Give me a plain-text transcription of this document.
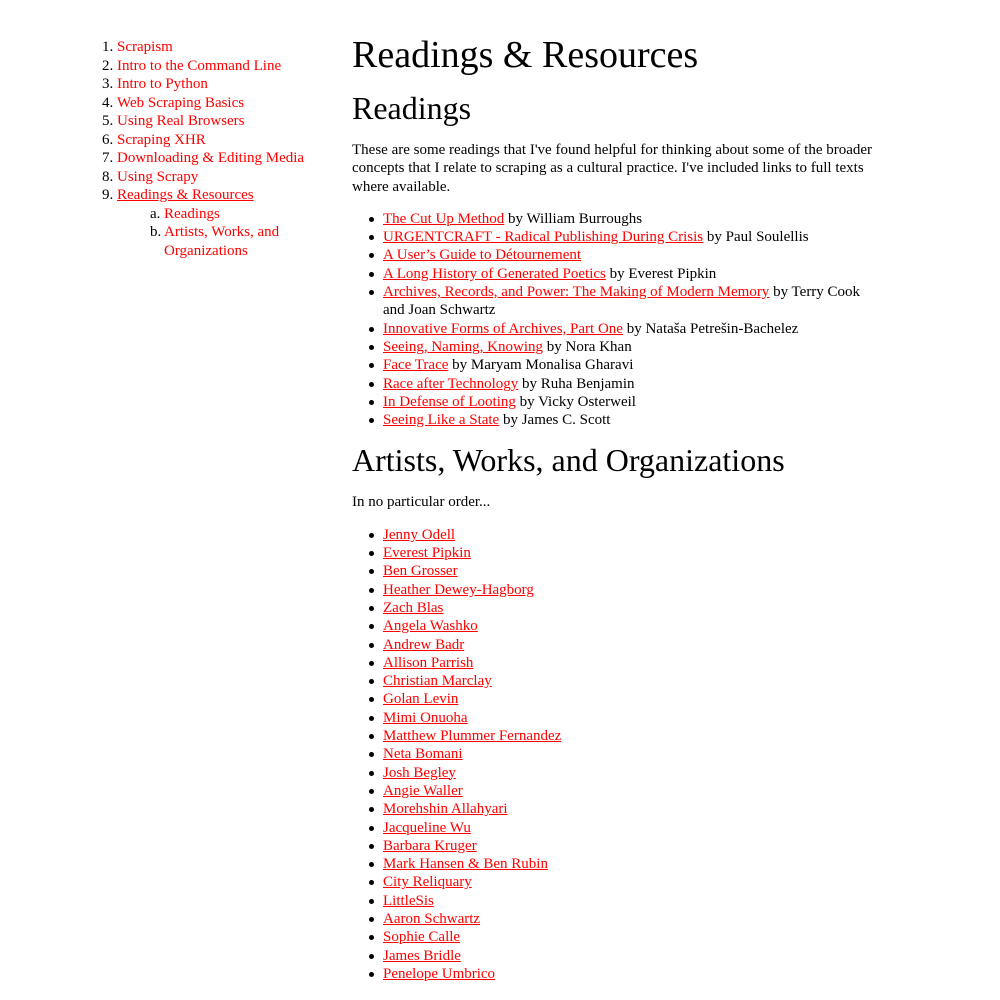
1. Scrapism
2. Intro to the Command Line
3. Intro to Python
4. Web Scraping Basics
5. Using Real Browsers
6. Scraping XHR
7. Downloading & Editing Media
8. Using Scrapy
9. Readings & Resources
a. Readings
b. Artists, Works, and Organizations
Readings & Resources
Readings

These are some readings that I've found helpful for thinking about some of the broader concepts that I relate to scraping as a cultural practice. I've included links to full texts where available.

The Cut Up Method by William Burroughs
URGENTCRAFT - Radical Publishing During Crisis by Paul Soulellis
A User’s Guide to Détournement
A Long History of Generated Poetics by Everest Pipkin
Archives, Records, and Power: The Making of Modern Memory by Terry Cook and Joan Schwartz
Innovative Forms of Archives, Part One by Nataša Petrešin-Bachelez
Seeing, Naming, Knowing by Nora Khan
Face Trace by Maryam Monalisa Gharavi
Race after Technology by Ruha Benjamin
In Defense of Looting by Vicky Osterweil
Seeing Like a State by James C. Scott
Artists, Works, and Organizations

In no particular order...

Jenny Odell
Everest Pipkin
Ben Grosser
Heather Dewey-Hagborg
Zach Blas
Angela Washko
Andrew Badr
Allison Parrish
Christian Marclay
Golan Levin
Mimi Onuoha
Matthew Plummer Fernandez
Neta Bomani
Josh Begley
Angie Waller
Morehshin Allahyari
Jacqueline Wu
Barbara Kruger
Mark Hansen & Ben Rubin
City Reliquary
LittleSis
Aaron Schwartz
Sophie Calle
James Bridle
Penelope Umbrico
